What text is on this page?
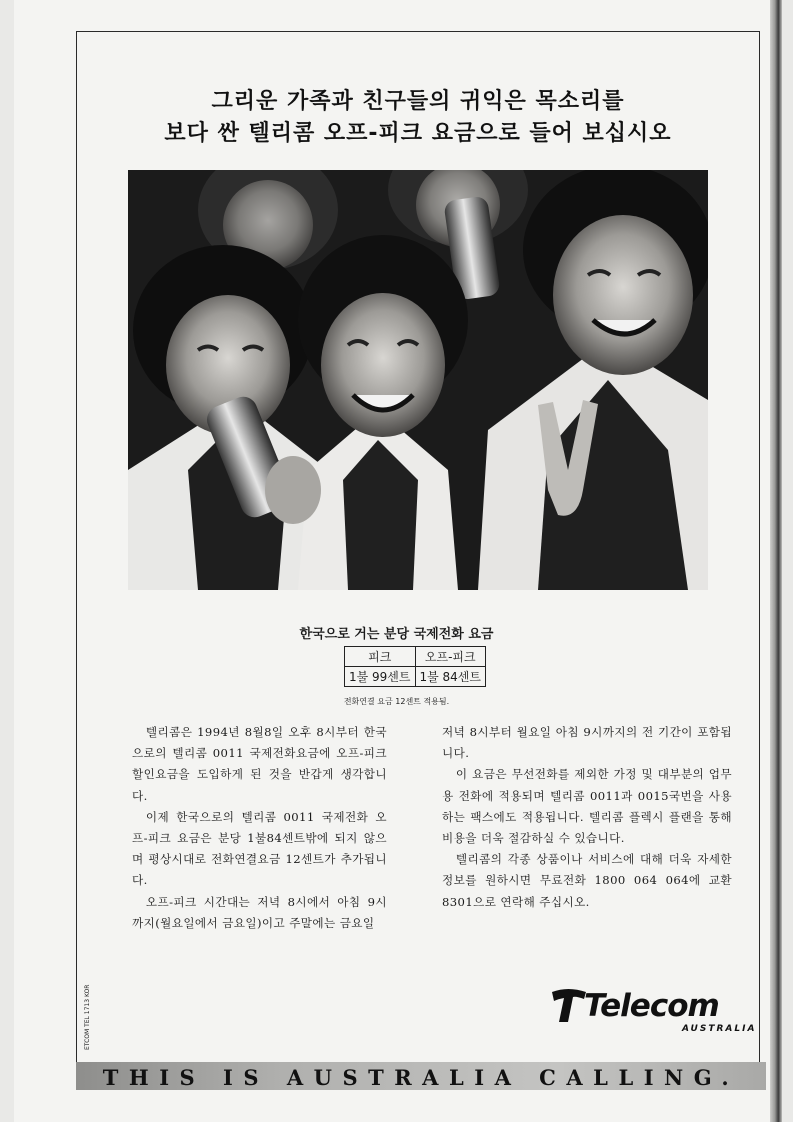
그리운 가족과 친구들의 귀익은 목소리를
보다 싼 텔리콤 오프-피크 요금으로 들어 보십시오
한국으로 거는 분당 국제전화 요금
피크	오프-피크
1불 99센트	1불 84센트
전화연결 요금 12센트 적용됨.

텔리콤은 1994년 8월8일 오후 8시부터 한국으로의 텔리콤 0011 국제전화요금에 오프-피크 할인요금을 도입하게 된 것을 반갑게 생각합니다.

이제 한국으로의 텔리콤 0011 국제전화 오프-피크 요금은 분당 1불84센트밖에 되지 않으며 평상시대로 전화연결요금 12센트가 추가됩니다.

오프-피크 시간대는 저녁 8시에서 아침 9시 까지(월요일에서 금요일)이고 주말에는 금요일

저녁 8시부터 월요일 아침 9시까지의 전 기간이 포함됩니다.

이 요금은 무선전화를 제외한 가정 및 대부분의 업무용 전화에 적용되며 텔리콤 0011과 0015국번을 사용하는 팩스에도 적용됩니다. 텔리콤 플렉시 플랜을 통해 비용을 더욱 절감하실 수 있습니다.

텔리콤의 각종 상품이나 서비스에 대해 더욱 자세한 정보를 원하시면 무료전화 1800 064 064에 교환 8301으로 연락해 주십시오.

ETCOM TEL 1713 KOR	Telecom
AUSTRALIA
THIS IS AUSTRALIA CALLING.
